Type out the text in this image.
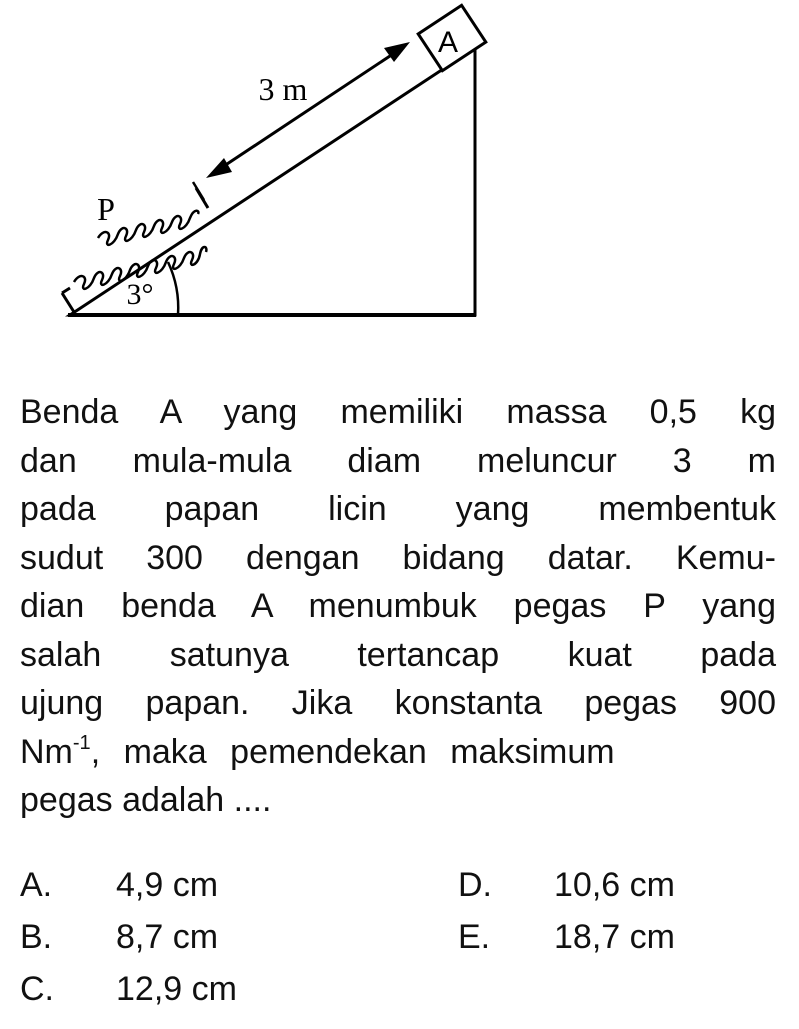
A
3 m
P
3°
Benda A yang memiliki massa 0,5 kg
dan mula-mula diam meluncur 3 m
pada papan licin yang membentuk
sudut 300 dengan bidang datar. Kemu-
dian benda A menumbuk pegas P yang
salah satunya tertancap kuat pada
ujung papan. Jika konstanta pegas 900
$Nm^{-1}$, maka pemendekan maksimum
pegas adalah ....
A. 4,9 cm
B. 8,7 cm
C. 12,9 cm
D. 10,6 cm
E. 18,7 cm
